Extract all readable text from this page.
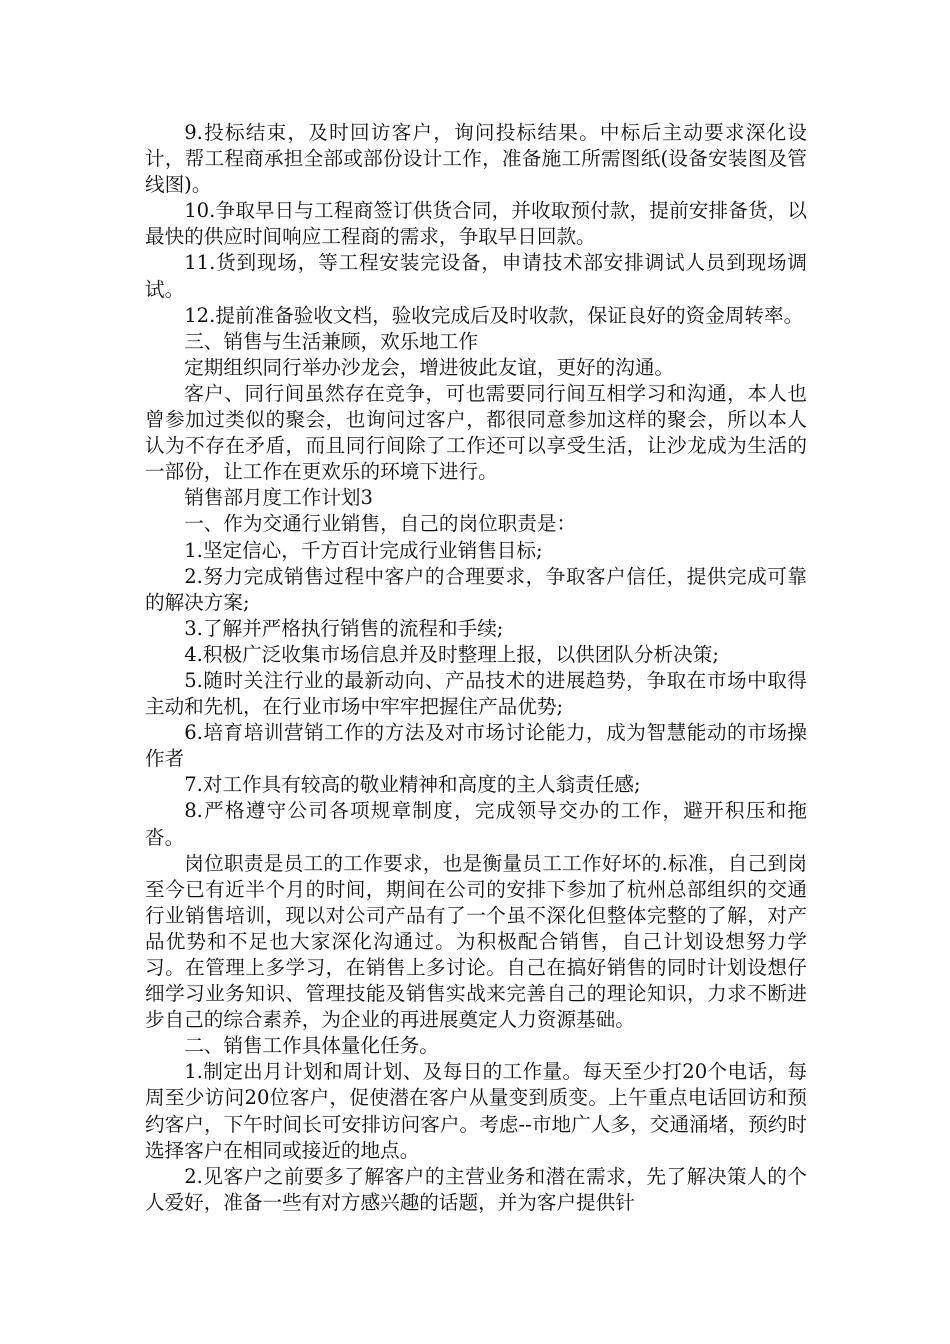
9.投标结束，及时回访客户，询问投标结果。中标后主动要求深化设计，帮工程商承担全部或部份设计工作，准备施工所需图纸(设备安装图及管线图)。

10.争取早日与工程商签订供货合同，并收取预付款，提前安排备货，以最快的供应时间响应工程商的需求，争取早日回款。

11.货到现场，等工程安装完设备，申请技术部安排调试人员到现场调试。

12.提前准备验收文档，验收完成后及时收款，保证良好的资金周转率。

三、销售与生活兼顾，欢乐地工作

定期组织同行举办沙龙会，增进彼此友谊，更好的沟通。

客户、同行间虽然存在竞争，可也需要同行间互相学习和沟通，本人也曾参加过类似的聚会，也询问过客户，都很同意参加这样的聚会，所以本人认为不存在矛盾，而且同行间除了工作还可以享受生活，让沙龙成为生活的一部份，让工作在更欢乐的环境下进行。

销售部月度工作计划3

一、作为交通行业销售，自己的岗位职责是：

1.坚定信心，千方百计完成行业销售目标;

2.努力完成销售过程中客户的合理要求，争取客户信任，提供完成可靠的解决方案;

3.了解并严格执行销售的流程和手续;

4.积极广泛收集市场信息并及时整理上报，以供团队分析决策;

5.随时关注行业的最新动向、产品技术的进展趋势，争取在市场中取得主动和先机，在行业市场中牢牢把握住产品优势;

6.培育培训营销工作的方法及对市场讨论能力，成为智慧能动的市场操作者

7.对工作具有较高的敬业精神和高度的主人翁责任感;

8.严格遵守公司各项规章制度，完成领导交办的工作，避开积压和拖沓。

岗位职责是员工的工作要求，也是衡量员工工作好坏的.标准，自己到岗至今已有近半个月的时间，期间在公司的安排下参加了杭州总部组织的交通行业销售培训，现以对公司产品有了一个虽不深化但整体完整的了解，对产品优势和不足也大家深化沟通过。为积极配合销售，自己计划设想努力学习。在管理上多学习，在销售上多讨论。自己在搞好销售的同时计划设想仔细学习业务知识、管理技能及销售实战来完善自己的理论知识，力求不断进步自己的综合素养，为企业的再进展奠定人力资源基础。

二、销售工作具体量化任务。

1.制定出月计划和周计划、及每日的工作量。每天至少打20个电话，每周至少访问20位客户，促使潜在客户从量变到质变。上午重点电话回访和预约客户，下午时间长可安排访问客户。考虑--市地广人多，交通涌堵，预约时选择客户在相同或接近的地点。

2.见客户之前要多了解客户的主营业务和潜在需求，先了解决策人的个人爱好，准备一些有对方感兴趣的话题，并为客户提供针
